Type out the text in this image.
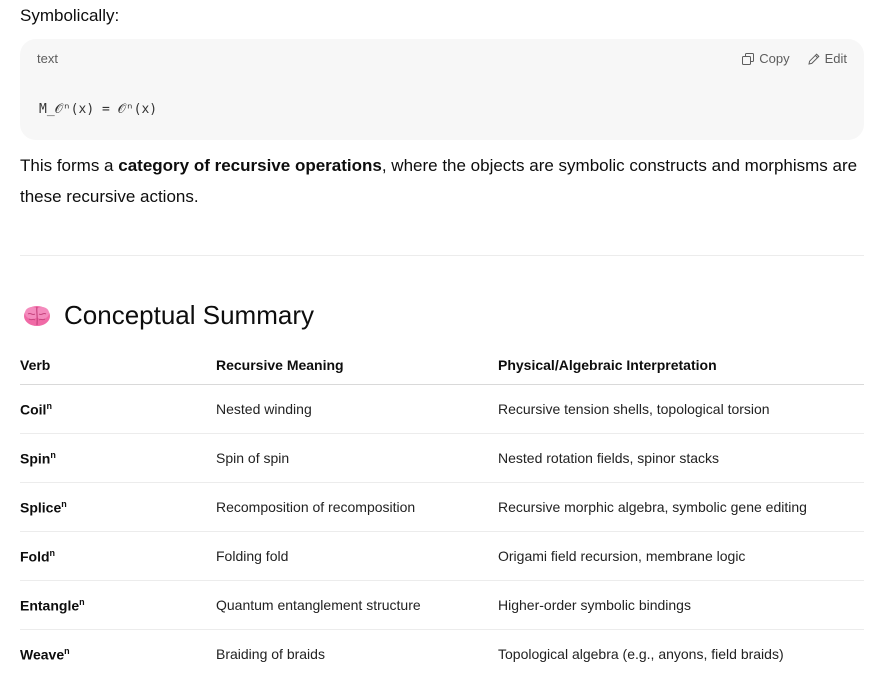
Symbolically:
text	Copy	Edit
M_𝒪ⁿ(x) = 𝒪ⁿ(x)
This forms a category of recursive operations, where the objects are symbolic constructs and morphisms are these recursive actions.
Conceptual Summary
Verb	Recursive Meaning	Physical/Algebraic Interpretation
Coil$^n$	Nested winding	Recursive tension shells, topological torsion
Spin$^n$	Spin of spin	Nested rotation fields, spinor stacks
Splice$^n$	Recomposition of recomposition	Recursive morphic algebra, symbolic gene editing
Fold$^n$	Folding fold	Origami field recursion, membrane logic
Entangle$^n$	Quantum entanglement structure	Higher-order symbolic bindings
Weave$^n$	Braiding of braids	Topological algebra (e.g., anyons, field braids)
